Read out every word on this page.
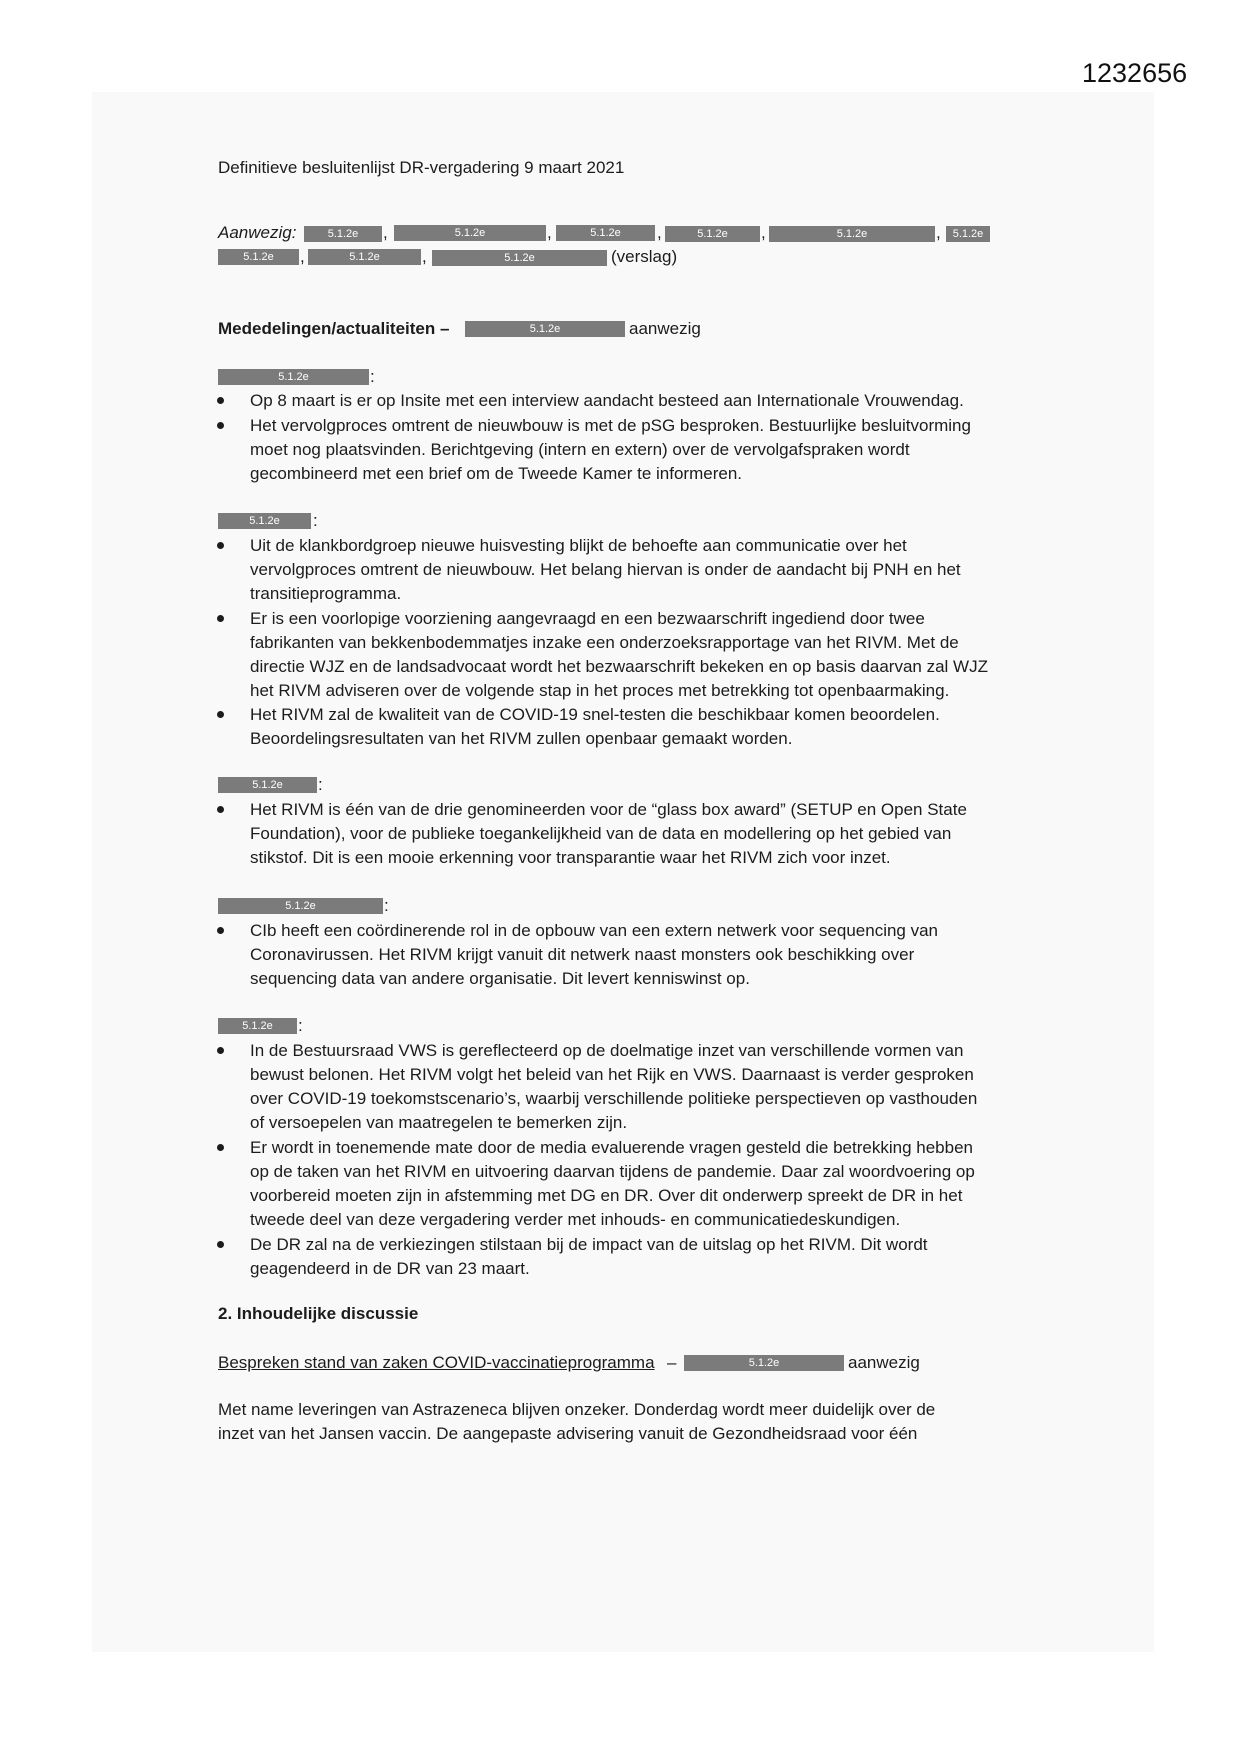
1232656
Definitieve besluitenlijst DR-vergadering 9 maart 2021
Aanwezig:	5.1.2e	,	5.1.2e	,	5.1.2e	,	5.1.2e	,	5.1.2e	,	5.1.2e
5.1.2e	,	5.1.2e	,	5.1.2e	(verslag)
Mededelingen/actualiteiten –	5.1.2e	aanwezig
5.1.2e	:
Op 8 maart is er op Insite met een interview aandacht besteed aan Internationale Vrouwendag.
Het vervolgproces omtrent de nieuwbouw is met de pSG besproken. Bestuurlijke besluitvorming
moet nog plaatsvinden. Berichtgeving (intern en extern) over de vervolgafspraken wordt
gecombineerd met een brief om de Tweede Kamer te informeren.
5.1.2e	:
Uit de klankbordgroep nieuwe huisvesting blijkt de behoefte aan communicatie over het
vervolgproces omtrent de nieuwbouw. Het belang hiervan is onder de aandacht bij PNH en het
transitieprogramma.
Er is een voorlopige voorziening aangevraagd en een bezwaarschrift ingediend door twee
fabrikanten van bekkenbodemmatjes inzake een onderzoeksrapportage van het RIVM. Met de
directie WJZ en de landsadvocaat wordt het bezwaarschrift bekeken en op basis daarvan zal WJZ
het RIVM adviseren over de volgende stap in het proces met betrekking tot openbaarmaking.
Het RIVM zal de kwaliteit van de COVID-19 snel-testen die beschikbaar komen beoordelen.
Beoordelingsresultaten van het RIVM zullen openbaar gemaakt worden.
5.1.2e	:
Het RIVM is één van de drie genomineerden voor de “glass box award” (SETUP en Open State
Foundation), voor de publieke toegankelijkheid van de data en modellering op het gebied van
stikstof. Dit is een mooie erkenning voor transparantie waar het RIVM zich voor inzet.
5.1.2e	:
CIb heeft een coördinerende rol in de opbouw van een extern netwerk voor sequencing van
Coronavirussen. Het RIVM krijgt vanuit dit netwerk naast monsters ook beschikking over
sequencing data van andere organisatie. Dit levert kenniswinst op.
5.1.2e	:
In de Bestuursraad VWS is gereflecteerd op de doelmatige inzet van verschillende vormen van
bewust belonen. Het RIVM volgt het beleid van het Rijk en VWS. Daarnaast is verder gesproken
over COVID-19 toekomstscenario’s, waarbij verschillende politieke perspectieven op vasthouden
of versoepelen van maatregelen te bemerken zijn.
Er wordt in toenemende mate door de media evaluerende vragen gesteld die betrekking hebben
op de taken van het RIVM en uitvoering daarvan tijdens de pandemie. Daar zal woordvoering op
voorbereid moeten zijn in afstemming met DG en DR. Over dit onderwerp spreekt de DR in het
tweede deel van deze vergadering verder met inhouds- en communicatiedeskundigen.
De DR zal na de verkiezingen stilstaan bij de impact van de uitslag op het RIVM. Dit wordt
geagendeerd in de DR van 23 maart.
2. Inhoudelijke discussie
Bespreken stand van zaken COVID-vaccinatieprogramma –	5.1.2e	aanwezig
Met name leveringen van Astrazeneca blijven onzeker. Donderdag wordt meer duidelijk over de
inzet van het Jansen vaccin. De aangepaste advisering vanuit de Gezondheidsraad voor één
